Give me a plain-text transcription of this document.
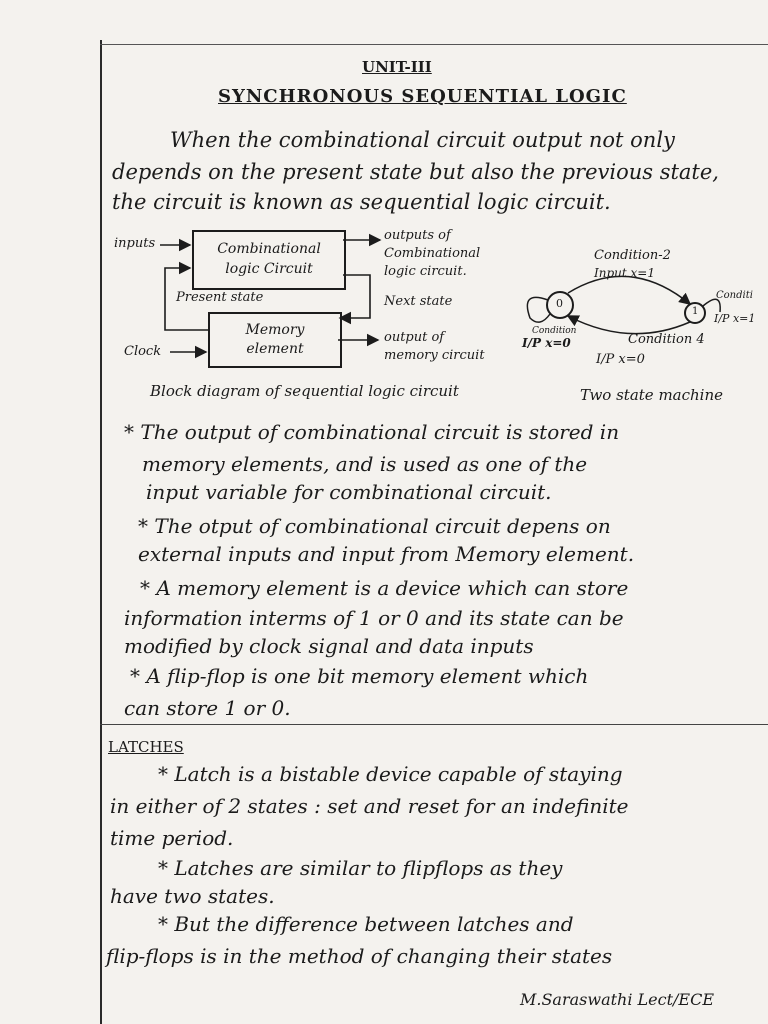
UNIT-III
SYNCHRONOUS SEQUENTIAL LOGIC
When the combinational circuit output not only
depends on the present state but also the previous state,
the circuit is known as sequential logic circuit.
Combinational
logic Circuit
Memory
element
inputs
outputs of
Combinational
logic circuit.
Present state	Next state
Clock
output of
memory circuit
Block diagram of sequential logic circuit
Condition-2
Input x=1
0
1
Conditi
I/P x=1
Condition
I/P x=0	Condition 4
I/P x=0
Two state machine
* The output of combinational circuit is stored in
memory elements, and is used as one of the
input variable for combinational circuit.
* The otput of combinational circuit depens on
external inputs and input from Memory element.
* A memory element is a device which can store
information interms of 1 or 0 and its state can be
modified by clock signal and data inputs
* A flip-flop is one bit memory element which
can store 1 or 0.
LATCHES
* Latch is a bistable device capable of staying
in either of 2 states : set and reset for an indefinite
time period.
* Latches are similar to flipflops as they
have two states.
* But the difference between latches and
flip-flops is in the method of changing their states
M.Saraswathi Lect/ECE
